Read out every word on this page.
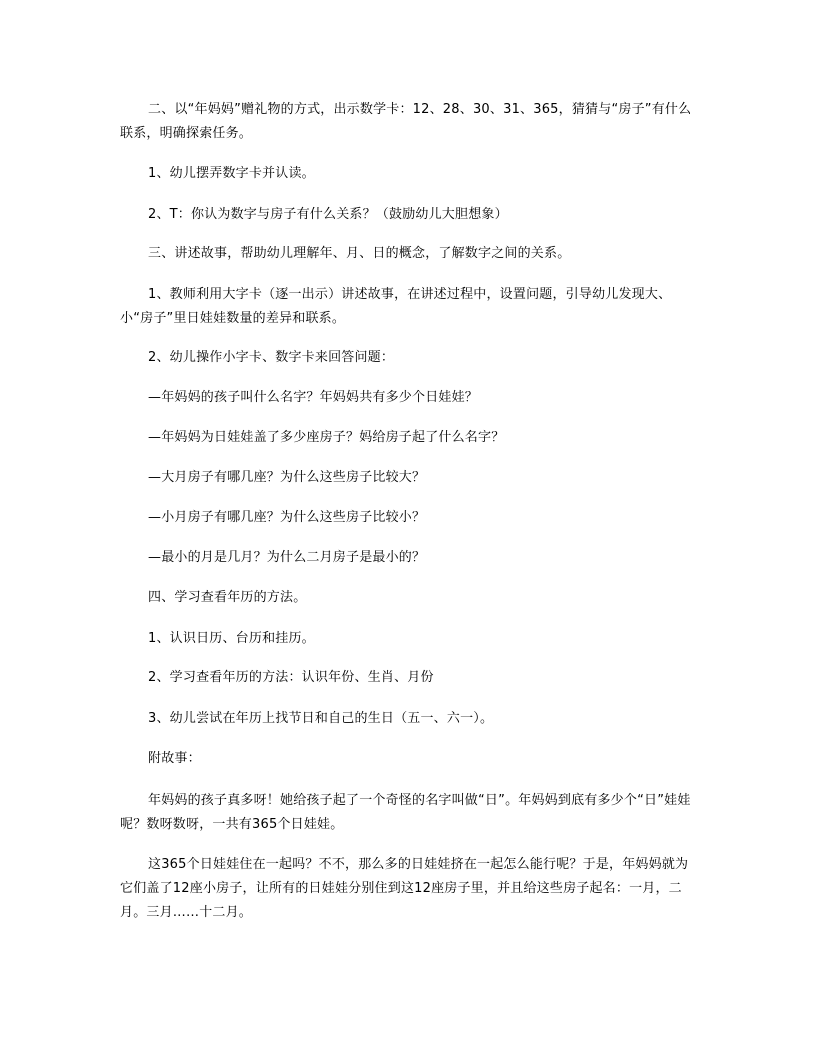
二、以“年妈妈”赠礼物的方式，出示数学卡：12、28、30、31、365，猜猜与“房子”有什么联系，明确探索任务。
1、幼儿摆弄数字卡并认读。
2、T：你认为数字与房子有什么关系？（鼓励幼儿大胆想象）
三、讲述故事，帮助幼儿理解年、月、日的概念，了解数字之间的关系。
1、教师利用大字卡（逐一出示）讲述故事，在讲述过程中，设置问题，引导幼儿发现大、小“房子”里日娃娃数量的差异和联系。
2、幼儿操作小字卡、数字卡来回答问题：
—年妈妈的孩子叫什么名字？年妈妈共有多少个日娃娃？
—年妈妈为日娃娃盖了多少座房子？妈给房子起了什么名字？
—大月房子有哪几座？为什么这些房子比较大？
—小月房子有哪几座？为什么这些房子比较小？
—最小的月是几月？为什么二月房子是最小的？
四、学习查看年历的方法。
1、认识日历、台历和挂历。
2、学习查看年历的方法：认识年份、生肖、月份
3、幼儿尝试在年历上找节日和自己的生日（五一、六一）。
附故事：
年妈妈的孩子真多呀！她给孩子起了一个奇怪的名字叫做“日”。年妈妈到底有多少个“日”娃娃呢？数呀数呀，一共有365个日娃娃。
这365个日娃娃住在一起吗？不不，那么多的日娃娃挤在一起怎么能行呢？于是，年妈妈就为它们盖了12座小房子，让所有的日娃娃分别住到这12座房子里，并且给这些房子起名：一月，二月。三月……十二月。
